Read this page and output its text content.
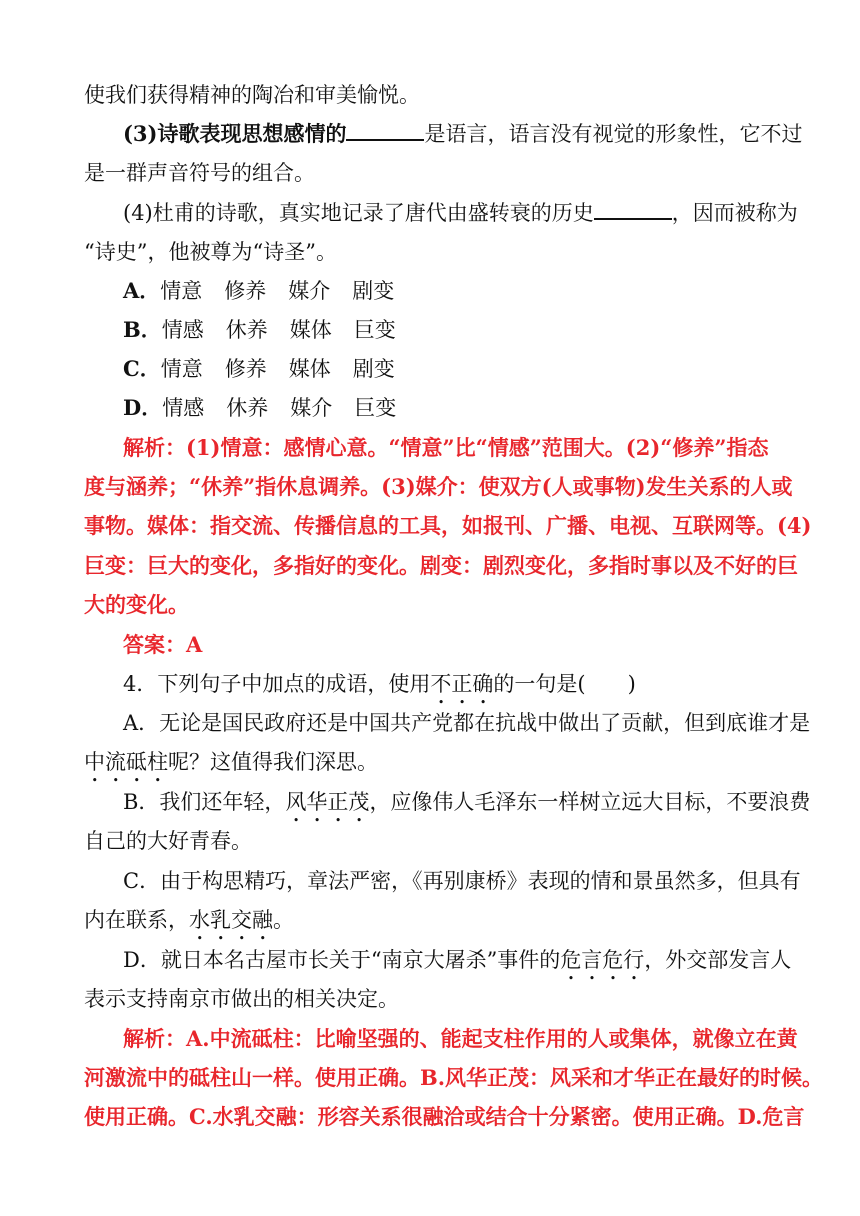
使我们获得精神的陶冶和审美愉悦。
(3)诗歌表现思想感情的	是语言，语言没有视觉的形象性，它不过
是一群声音符号的组合。
(4)杜甫的诗歌，真实地记录了唐代由盛转衰的历史	，因而被称为
“诗史”，他被尊为“诗圣”。
A．情意 修养 媒介 剧变
B．情感 休养 媒体 巨变
C．情意 修养 媒体 剧变
D．情感 休养 媒介 巨变
解析：(1)情意：感情心意。“情意”比“情感”范围大。(2)“修养”指态
度与涵养；“休养”指休息调养。(3)媒介：使双方(人或事物)发生关系的人或
事物。媒体：指交流、传播信息的工具，如报刊、广播、电视、互联网等。(4)
巨变：巨大的变化，多指好的变化。剧变：剧烈变化，多指时事以及不好的巨
大的变化。
答案：A
4．下列句子中加点的成语，使用不正确的一句是(　　)
A．无论是国民政府还是中国共产党都在抗战中做出了贡献，但到底谁才是
中流砥柱呢？这值得我们深思。
B．我们还年轻，风华正茂，应像伟人毛泽东一样树立远大目标，不要浪费
自己的大好青春。
C．由于构思精巧，章法严密，《再别康桥》表现的情和景虽然多，但具有
内在联系，水乳交融。
D．就日本名古屋市长关于“南京大屠杀”事件的危言危行，外交部发言人
表示支持南京市做出的相关决定。
解析：A.中流砥柱：比喻坚强的、能起支柱作用的人或集体，就像立在黄
河激流中的砥柱山一样。使用正确。B.风华正茂：风采和才华正在最好的时候。
使用正确。C.水乳交融：形容关系很融洽或结合十分紧密。使用正确。D.危言
